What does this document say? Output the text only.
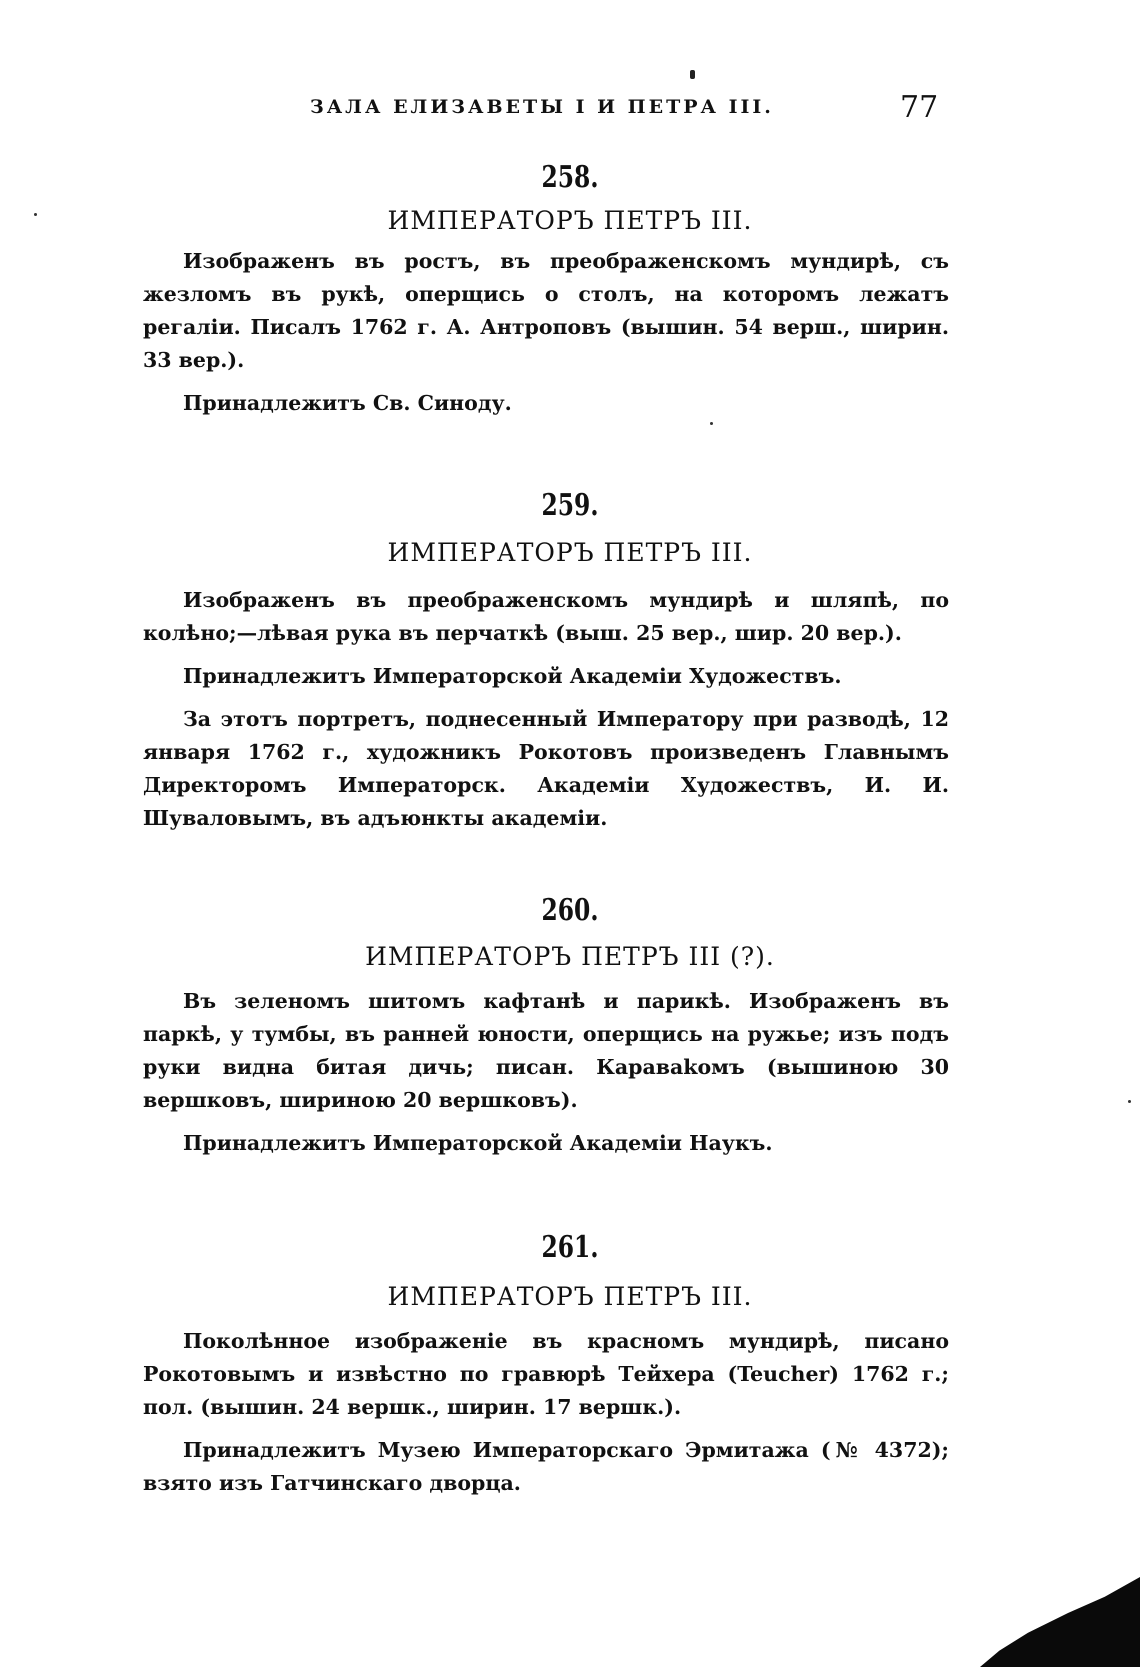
ЗАЛА ЕЛИЗАВЕТЫ I И ПЕТРА III.	77
258.
ИМПЕРАТОРЪ ПЕТРЪ III.
Изображенъ въ ростъ, въ преображенскомъ мундирѣ, съ жезломъ въ рукѣ, оперщись о столъ, на которомъ лежатъ регаліи. Писалъ 1762 г. А. Антроповъ (вышин. 54 верш., ширин. 33 вер.).
Принадлежитъ Св. Синоду.
259.
ИМПЕРАТОРЪ ПЕТРЪ III.
Изображенъ въ преображенскомъ мундирѣ и шляпѣ, по колѣно;—лѣвая рука въ перчаткѣ (выш. 25 вер., шир. 20 вер.).
Принадлежитъ Императорской Академіи Художествъ.
За этотъ портретъ, поднесенный Императору при разводѣ, 12 января 1762 г., художникъ Рокотовъ произведенъ Главнымъ Директоромъ Императорск. Академіи Художествъ, И. И. Шуваловымъ, въ адъюнкты академіи.
260.
ИМПЕРАТОРЪ ПЕТРЪ III (?).
Въ зеленомъ шитомъ кафтанѣ и парикѣ. Изображенъ въ паркѣ, у тумбы, въ ранней юности, оперщись на ружье; изъ подъ руки видна битая дичь; писан. Караваkомъ (вышиною 30 вершковъ, шириною 20 вершковъ).
Принадлежитъ Императорской Академіи Наукъ.
261.
ИМПЕРАТОРЪ ПЕТРЪ III.
Поколѣнное изображеніе въ красномъ мундирѣ, писано Рокотовымъ и извѣстно по гравюрѣ Тейхера (Teucher) 1762 г.; пол. (вышин. 24 вершк., ширин. 17 вершк.).
Принадлежитъ Музею Императорскаго Эрмитажа (№ 4372); взято изъ Гатчинскаго дворца.
